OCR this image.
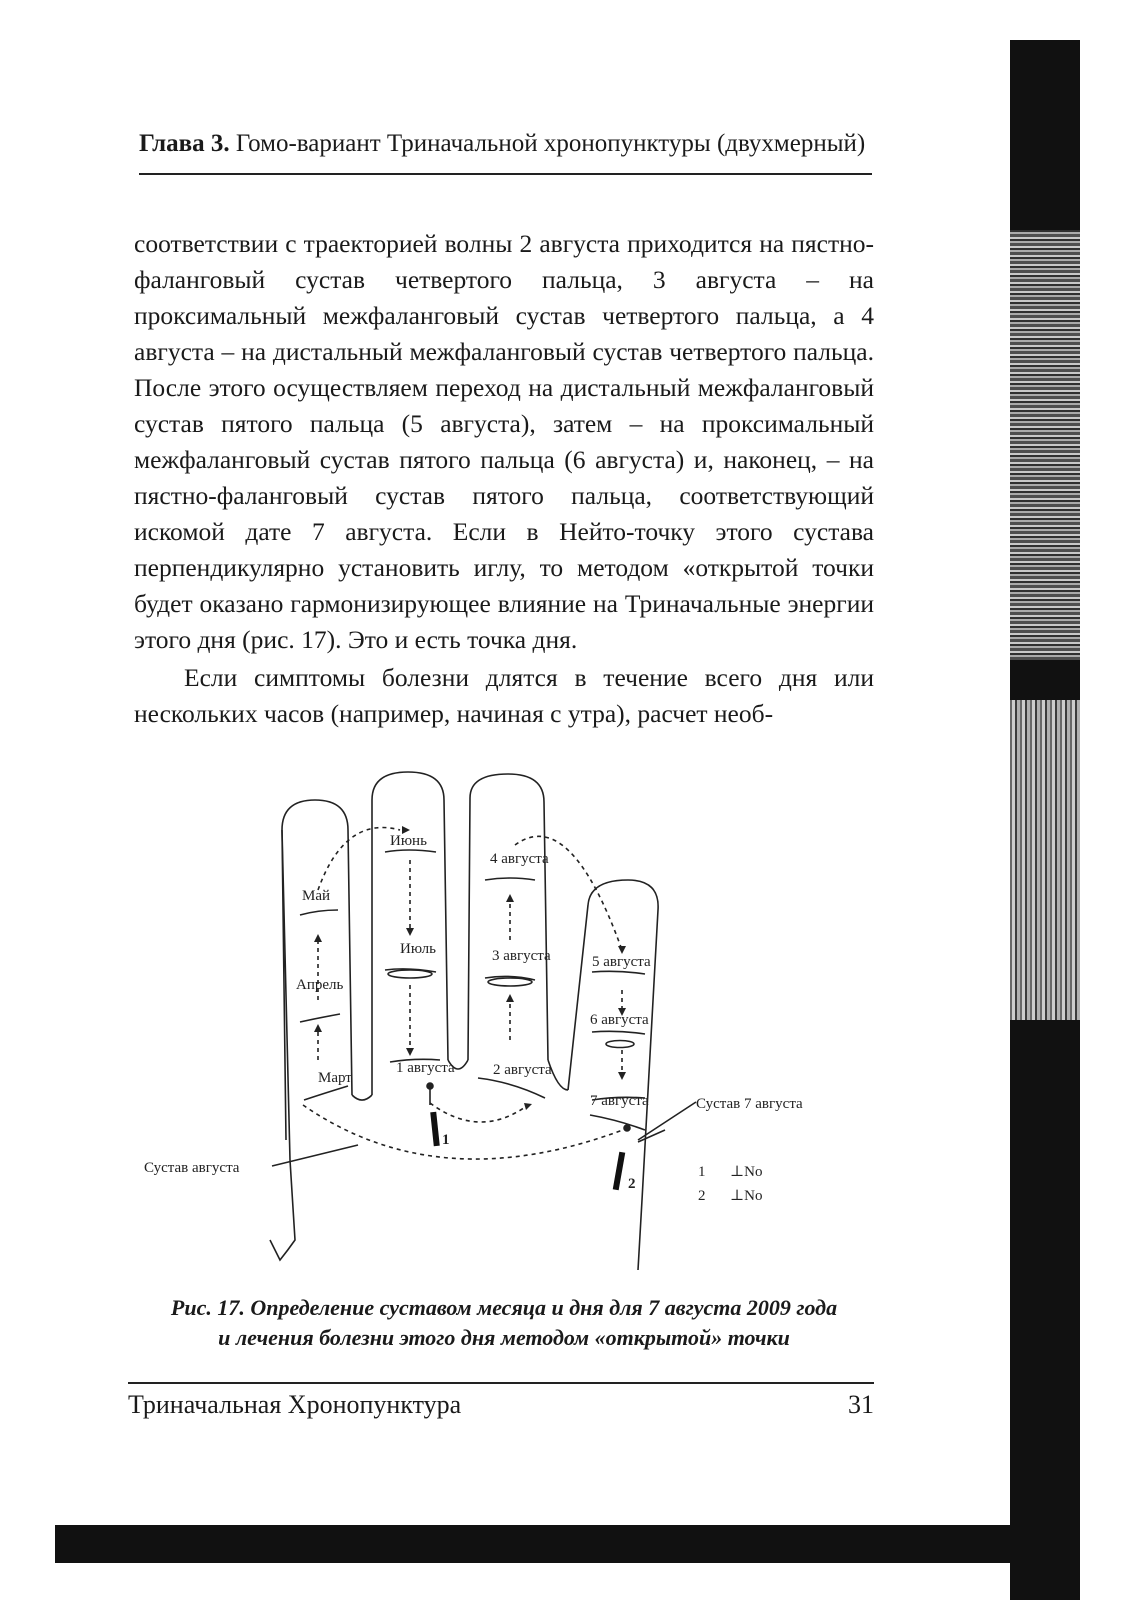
Глава 3. Гомо-вариант Триначальной хронопунктуры (двухмерный)

соответствии с траекторией волны 2 августа приходится на пястно-фаланговый сустав четвертого пальца, 3 августа – на проксимальный межфаланговый сустав четвертого пальца, а 4 августа – на дистальный межфаланговый сустав четвертого пальца. После этого осуществляем переход на дистальный межфаланговый сустав пятого пальца (5 августа), затем – на проксимальный межфаланговый сустав пятого пальца (6 августа) и, наконец, – на пястно-фаланговый сустав пятого пальца, соответствующий искомой дате 7 августа. Если в Нейто-точку этого сустава перпендикулярно установить иглу, то методом «открытой точки будет оказано гармонизирующее влияние на Триначальные энергии этого дня (рис. 17). Это и есть точка дня.

Если симптомы болезни длятся в течение всего дня или нескольких часов (например, начиная с утра), расчет необ-

Июнь
Май
Июль
Апрель
Март
1 августа
4 августа
3 августа
2 августа
5 августа
6 августа
7 августа	Сустав 7 августа
Сустав августа
1
2
1 ⊥No
2 ⊥No
Рис. 17. Определение суставом месяца и дня для 7 августа 2009 года
и лечения болезни этого дня методом «открытой» точки
Триначальная Хронопунктура	31
